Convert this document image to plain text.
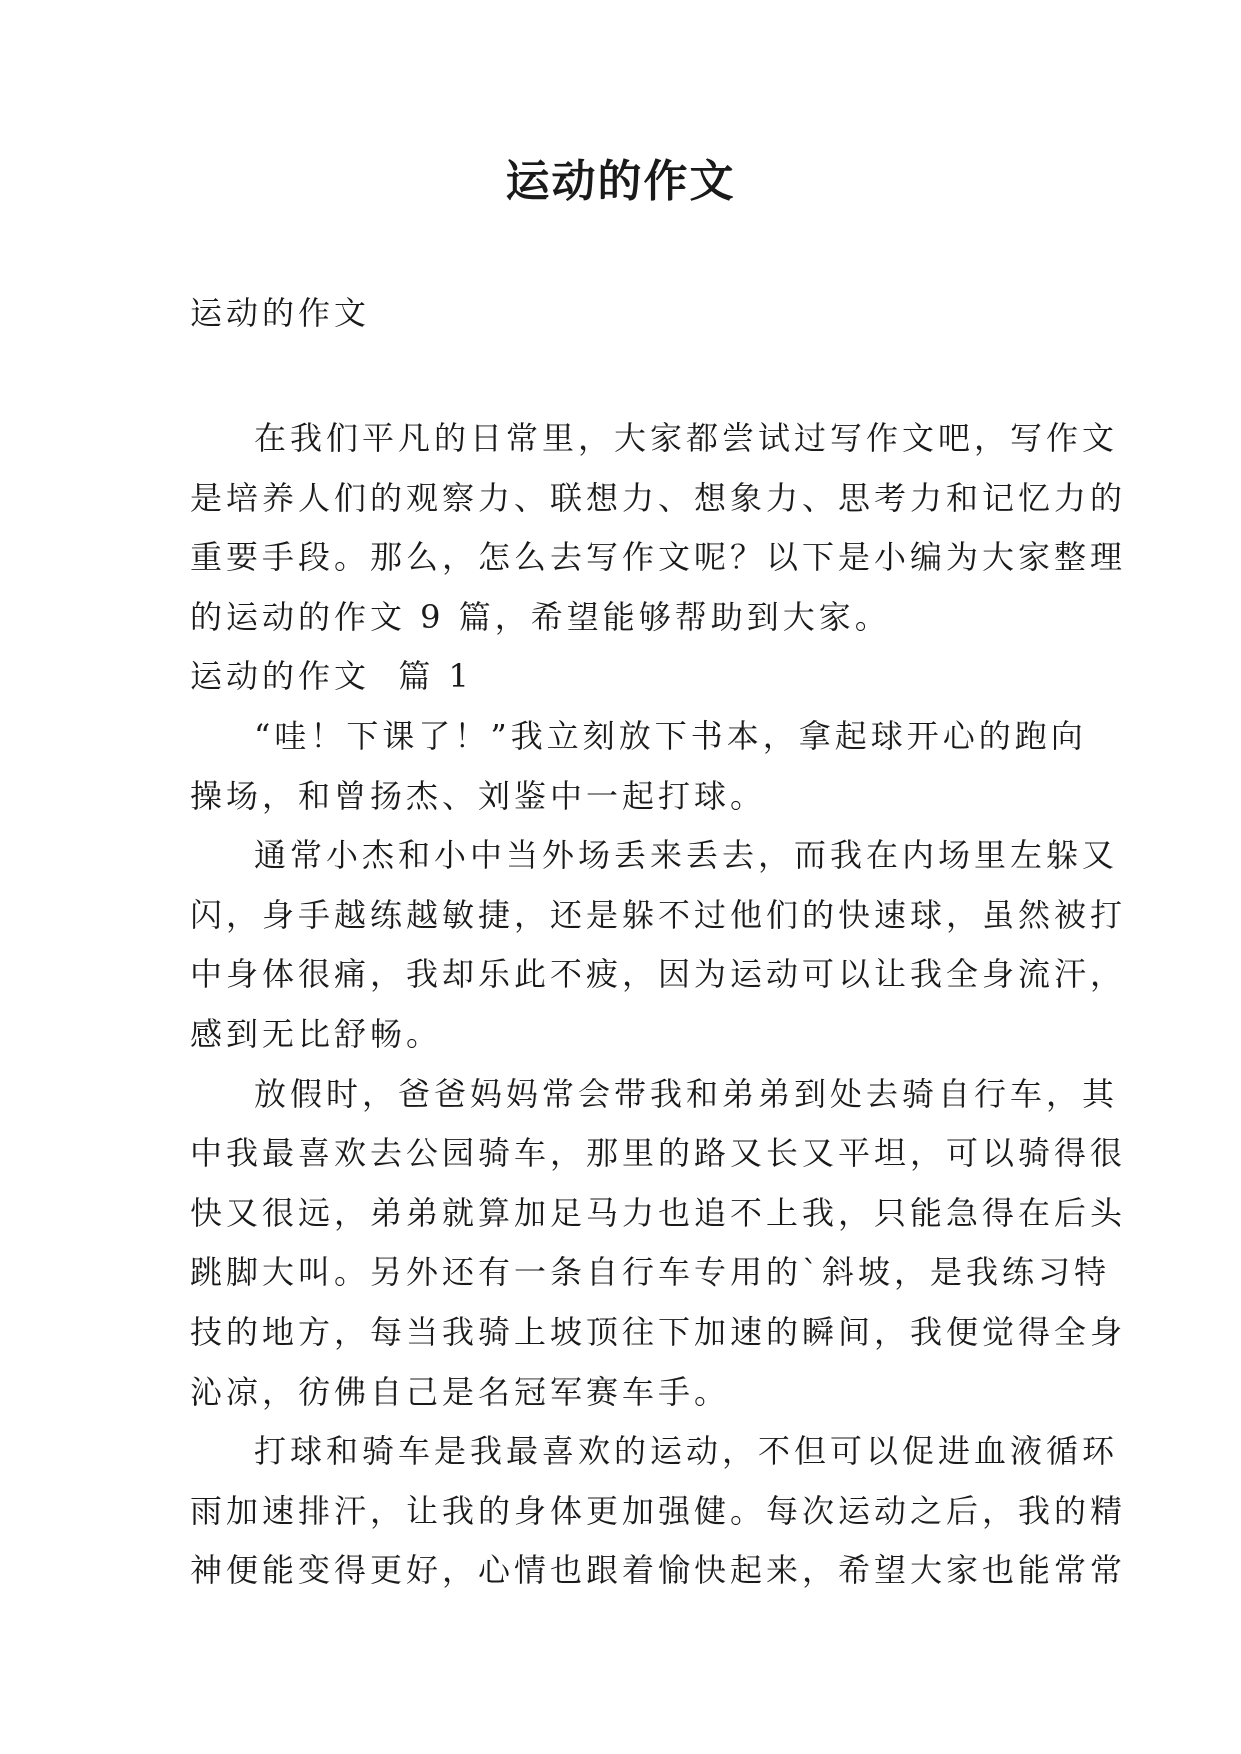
运动的作文
运动的作文

在我们平凡的日常里，大家都尝试过写作文吧，写作文
是培养人们的观察力、联想力、想象力、思考力和记忆力的
重要手段。那么，怎么去写作文呢？以下是小编为大家整理
的运动的作文 9 篇，希望能够帮助到大家。

运动的作文  篇 1

“哇！下课了！”我立刻放下书本，拿起球开心的跑向
操场，和曾扬杰、刘鉴中一起打球。

通常小杰和小中当外场丢来丢去，而我在内场里左躲又
闪，身手越练越敏捷，还是躲不过他们的快速球，虽然被打
中身体很痛，我却乐此不疲，因为运动可以让我全身流汗，
感到无比舒畅。

放假时，爸爸妈妈常会带我和弟弟到处去骑自行车，其
中我最喜欢去公园骑车，那里的路又长又平坦，可以骑得很
快又很远，弟弟就算加足马力也追不上我，只能急得在后头
跳脚大叫。另外还有一条自行车专用的`斜坡，是我练习特
技的地方，每当我骑上坡顶往下加速的瞬间，我便觉得全身
沁凉，彷佛自己是名冠军赛车手。

打球和骑车是我最喜欢的运动，不但可以促进血液循环
雨加速排汗，让我的身体更加强健。每次运动之后，我的精
神便能变得更好，心情也跟着愉快起来，希望大家也能常常
